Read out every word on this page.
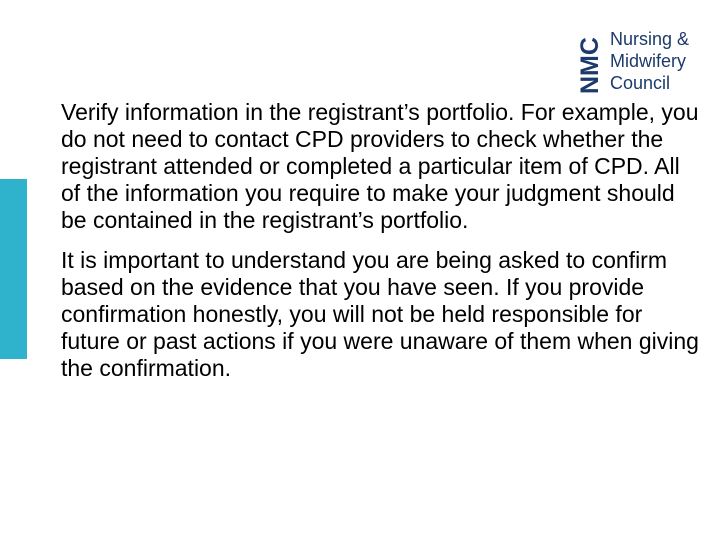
NMC Nursing &
Midwifery
Council

Verify information in the registrant’s portfolio. For example, you do not need to contact CPD providers to check whether the registrant attended or completed a particular item of CPD. All of the information you require to make your judgment should be contained in the registrant’s portfolio.

It is important to understand you are being asked to confirm based on the evidence that you have seen. If you provide confirmation honestly, you will not be held responsible for future or past actions if you were unaware of them when giving the confirmation.
